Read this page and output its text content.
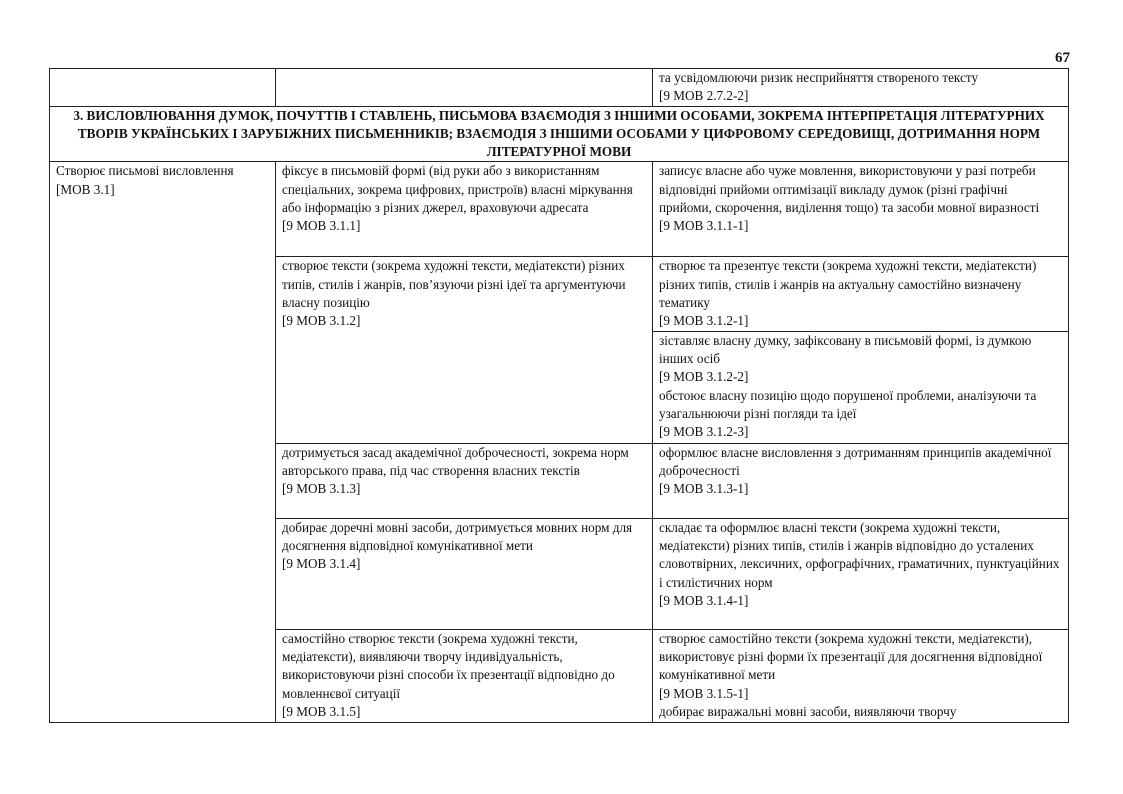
67

		та усвідомлюючи ризик несприйняття створеного тексту
[9 МОВ 2.7.2-2]

3. ВИСЛОВЛЮВАННЯ ДУМОК, ПОЧУТТІВ І СТАВЛЕНЬ, ПИСЬМОВА ВЗАЄМОДІЯ З ІНШИМИ ОСОБАМИ, ЗОКРЕМА ІНТЕРПРЕТАЦІЯ ЛІТЕРАТУРНИХ ТВОРІВ УКРАЇНСЬКИХ І ЗАРУБІЖНИХ ПИСЬМЕННИКІВ; ВЗАЄМОДІЯ З ІНШИМИ ОСОБАМИ У ЦИФРОВОМУ СЕРЕДОВИЩІ, ДОТРИМАННЯ НОРМ ЛІТЕРАТУРНОЇ МОВИ		

Створює письмові висловлення
[МОВ 3.1]	фіксує в письмовій формі (від руки або з використанням спеціальних, зокрема цифрових, пристроїв) власні міркування або інформацію з різних джерел, враховуючи адресата
[9 МОВ 3.1.1]	записує власне або чуже мовлення, використовуючи у разі потреби відповідні прийоми оптимізації викладу думок (різні графічні прийоми, скорочення, виділення тощо) та засоби мовної виразності
[9 МОВ 3.1.1-1]

	створює тексти (зокрема художні тексти, медіатексти) різних типів, стилів і жанрів, пов’язуючи різні ідеї та аргументуючи власну позицію
[9 МОВ 3.1.2]	створює та презентує тексти (зокрема художні тексти, медіатексти) різних типів, стилів і жанрів на актуальну самостійно визначену тематику
[9 МОВ 3.1.2-1]

		зіставляє власну думку, зафіксовану в письмовій формі, із думкою інших осіб
[9 МОВ 3.1.2-2]
обстоює власну позицію щодо порушеної проблеми, аналізуючи та узагальнюючи різні погляди та ідеї
[9 МОВ 3.1.2-3]

	дотримується засад академічної доброчесності, зокрема норм авторського права, під час створення власних текстів
[9 МОВ 3.1.3]	оформлює власне висловлення з дотриманням принципів академічної доброчесності
[9 МОВ 3.1.3-1]

	добирає доречні мовні засоби, дотримується мовних норм для досягнення відповідної комунікативної мети
[9 МОВ 3.1.4]	складає та оформлює власні тексти (зокрема художні тексти, медіатексти) різних типів, стилів і жанрів відповідно до усталених словотвірних, лексичних, орфографічних, граматичних, пунктуаційних і стилістичних норм
[9 МОВ 3.1.4-1]

	самостійно створює тексти (зокрема художні тексти, медіатексти), виявляючи творчу індивідуальність, використовуючи різні способи їх презентації відповідно до мовленнєвої ситуації
[9 МОВ 3.1.5]	створює самостійно тексти (зокрема художні тексти, медіатексти), використовує різні форми їх презентації для досягнення відповідної комунікативної мети
[9 МОВ 3.1.5-1]
добирає виражальні мовні засоби, виявляючи творчу
